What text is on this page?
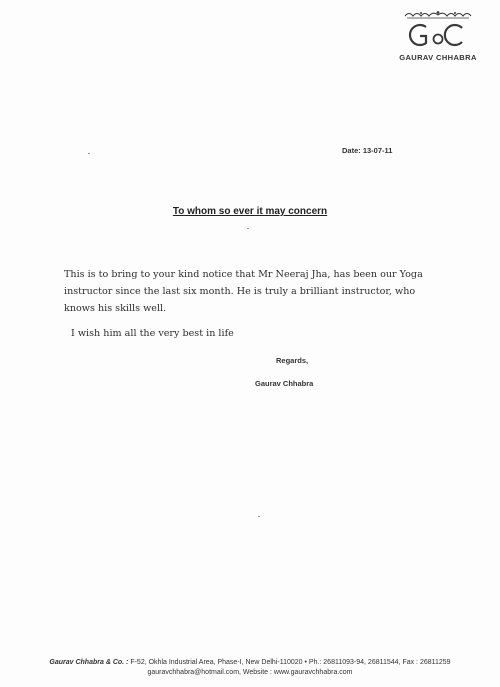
GAURAV CHHABRA
Date: 13-07-11
To whom so ever it may concern

This is to bring to your kind notice that Mr Neeraj Jha, has been our Yoga instructor since the last six month. He is truly a brilliant instructor, who knows his skills well.

I wish him all the very best in life
Regards,
Gaurav Chhabra
Gaurav Chhabra & Co. : F-52, Okhla Industrial Area, Phase-I, New Delhi-110020 • Ph.: 26811093-94, 26811544, Fax : 26811259
gauravchhabra@hotmail.com, Website : www.gauravchhabra.com
